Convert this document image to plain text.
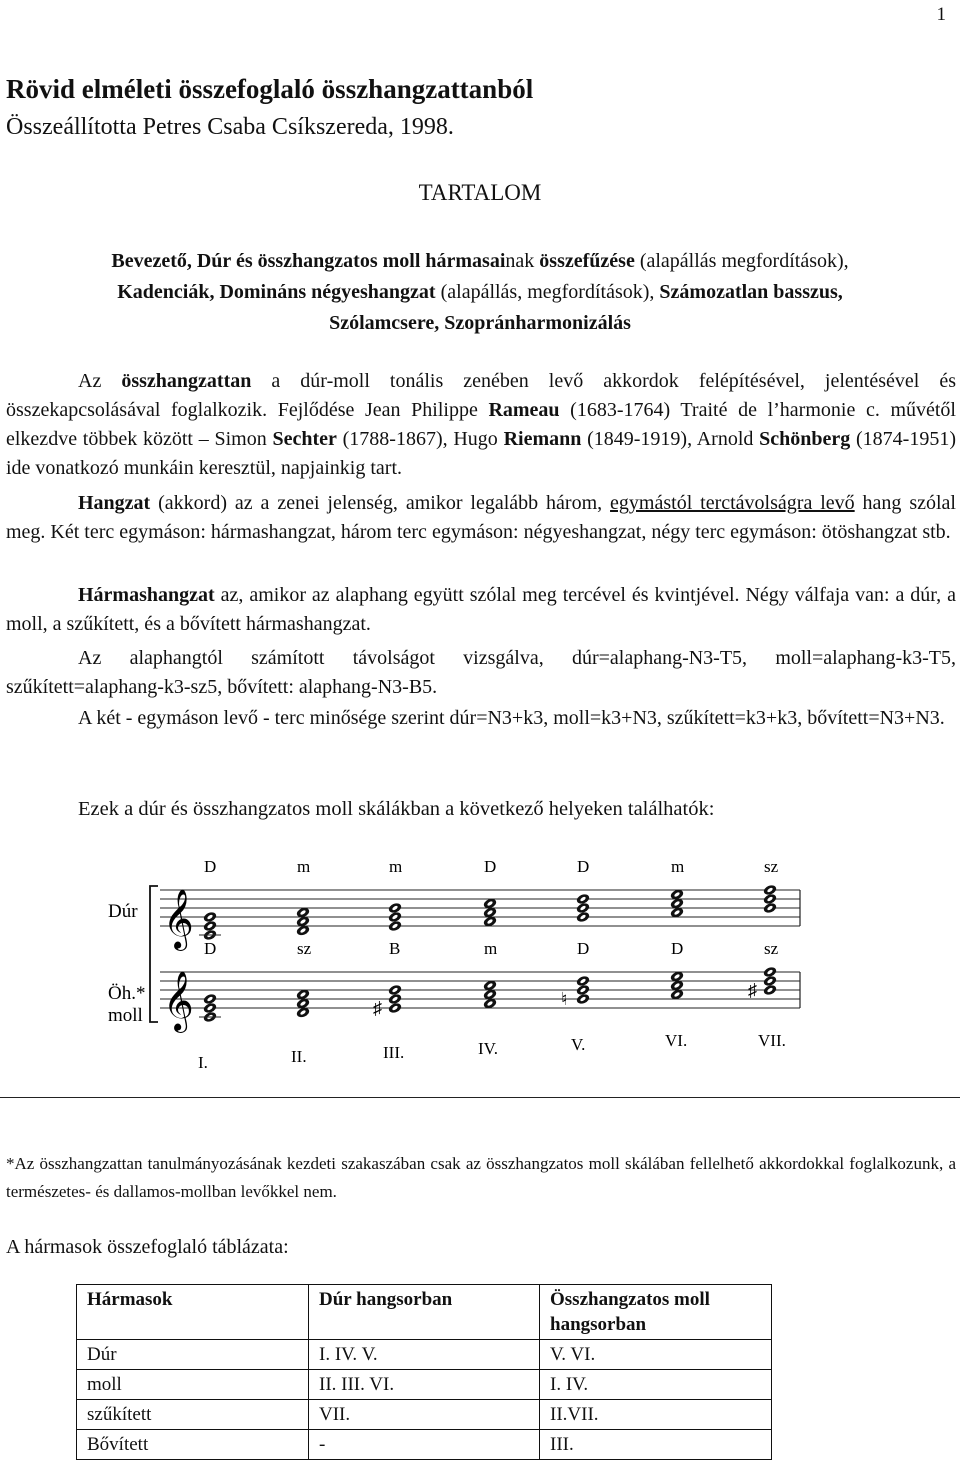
1
Rövid elméleti összefoglaló összhangzattanból
Összeállította Petres Csaba Csíkszereda, 1998.
TARTALOM
Bevezető, Dúr és összhangzatos moll hármasainak összefűzése (alapállás megfordítások),
Kadenciák, Domináns négyeshangzat (alapállás, megfordítások), Számozatlan basszus,
Szólamcsere, Szopránharmonizálás
Az összhangzattan a dúr-moll tonális zenében levő akkordok felépítésével, jelentésével és összekapcsolásával foglalkozik. Fejlődése Jean Philippe Rameau (1683-1764) Traité de l’harmonie c. művétől elkezdve többek között – Simon Sechter (1788-1867), Hugo Riemann (1849-1919), Arnold Schönberg (1874-1951) ide vonatkozó munkáin keresztül, napjainkig tart.
Hangzat (akkord) az a zenei jelenség, amikor legalább három, egymástól terctávolságra levő hang szólal meg. Két terc egymáson: hármashangzat, három terc egymáson: négyeshangzat, négy terc egymáson: ötöshangzat stb.
Hármashangzat az, amikor az alaphang együtt szólal meg tercével és kvintjével. Négy válfaja van: a dúr, a moll, a szűkített, és a bővített hármashangzat.
Az alaphangtól számított távolságot vizsgálva, dúr=alaphang-N3-T5, moll=alaphang-k3-T5, szűkített=alaphang-k3-sz5, bővített: alaphang-N3-B5.
A két - egymáson levő - terc minősége szerint dúr=N3+k3, moll=k3+N3, szűkített=k3+k3, bővített=N3+N3.
Ezek a dúr és összhangzatos moll skálákban a következő helyeken találhatók:
Dúr
Öh.*
moll
𝄞
D	m	m	D	D	m	sz
𝄞
D	sz	B	m	D	D	sz
♯	♮	♯
I.	II.	III.	IV.	V.	VI.	VII.
*Az összhangzattan tanulmányozásának kezdeti szakaszában csak az összhangzatos moll skálában fellelhető akkordokkal foglalkozunk, a természetes- és dallamos-mollban levőkkel nem.
A hármasok összefoglaló táblázata:
Hármasok	Dúr hangsorban	Összhangzatos moll hangsorban
Dúr	I. IV. V.	V. VI.
moll	II. III. VI.	I. IV.
szűkített	VII.	II.VII.
Bővített	-	III.
